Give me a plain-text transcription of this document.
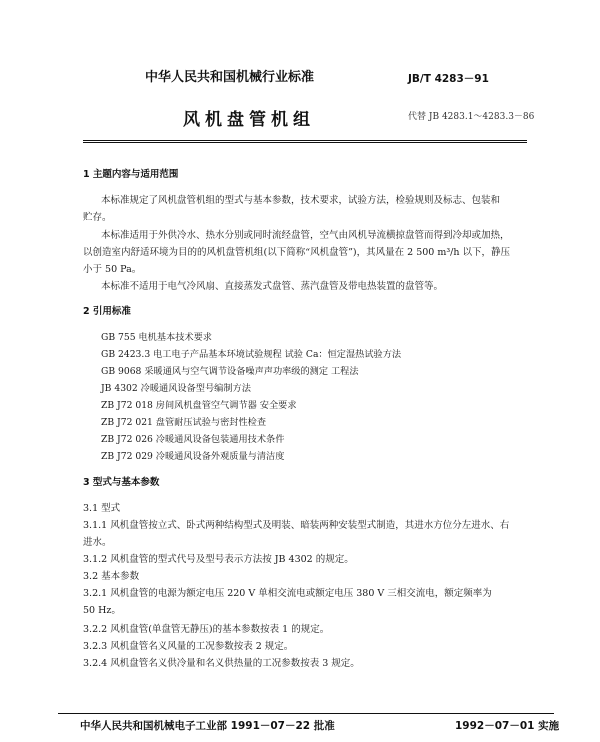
中华人民共和国机械行业标准	JB/T 4283－91
风机盘管机组	代替 JB 4283.1～4283.3－86
1 主题内容与适用范围
本标准规定了风机盘管机组的型式与基本参数，技术要求，试验方法，检验规则及标志、包装和
贮存。
本标准适用于外供冷水、热水分别或同时流经盘管，空气由风机导流横掠盘管而得到冷却或加热，
以创造室内舒适环境为目的的风机盘管机组(以下简称“风机盘管”)，其风量在 2 500 m³/h 以下，静压
小于 50 Pa。
本标准不适用于电气冷风扇、直接蒸发式盘管、蒸汽盘管及带电热装置的盘管等。
2 引用标准
GB 755 电机基本技术要求
GB 2423.3 电工电子产品基本环境试验规程 试验 Ca：恒定湿热试验方法
GB 9068 采暖通风与空气调节设备噪声声功率级的测定 工程法
JB 4302 冷暖通风设备型号编制方法
ZB J72 018 房间风机盘管空气调节器 安全要求
ZB J72 021 盘管耐压试验与密封性检查
ZB J72 026 冷暖通风设备包装通用技术条件
ZB J72 029 冷暖通风设备外观质量与清洁度
3 型式与基本参数
3.1 型式
3.1.1 风机盘管按立式、卧式两种结构型式及明装、暗装两种安装型式制造，其进水方位分左进水、右
进水。
3.1.2 风机盘管的型式代号及型号表示方法按 JB 4302 的规定。
3.2 基本参数
3.2.1 风机盘管的电源为额定电压 220 V 单相交流电或额定电压 380 V 三相交流电，额定频率为
50 Hz。
3.2.2 风机盘管(单盘管无静压)的基本参数按表 1 的规定。
3.2.3 风机盘管名义风量的工况参数按表 2 规定。
3.2.4 风机盘管名义供冷量和名义供热量的工况参数按表 3 规定。
中华人民共和国机械电子工业部 1991－07－22 批准	1992－07－01 实施
